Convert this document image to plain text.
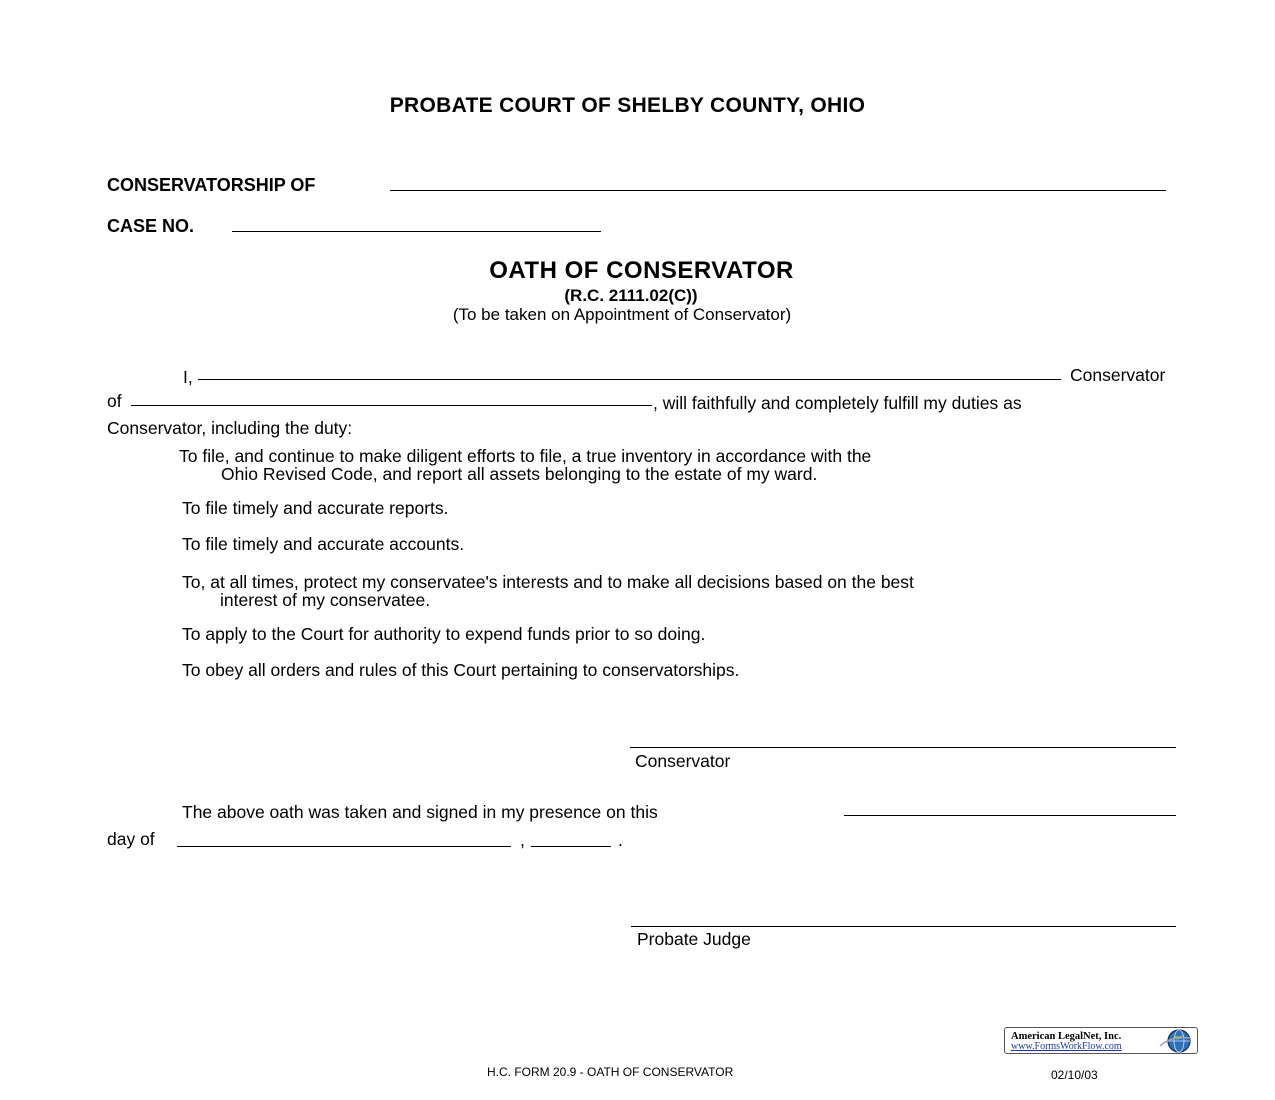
PROBATE COURT OF SHELBY COUNTY, OHIO
CONSERVATORSHIP OF
CASE NO.
OATH OF CONSERVATOR
(R.C. 2111.02(C))
(To be taken on Appointment of Conservator)
I,	Conservator
of	, will faithfully and completely fulfill my duties as
Conservator, including the duty:
To file, and continue to make diligent efforts to file, a true inventory in accordance with the
Ohio Revised Code, and report all assets belonging to the estate of my ward.
To file timely and accurate reports.
To file timely and accurate accounts.
To, at all times, protect my conservatee's interests and to make all decisions based on the best
interest of my conservatee.
To apply to the Court for authority to expend funds prior to so doing.
To obey all orders and rules of this Court pertaining to conservatorships.
Conservator
The above oath was taken and signed in my presence on this
day of	,	.
Probate Judge
American LegalNet, Inc.
www.FormsWorkFlow.com
H.C. FORM 20.9 - OATH OF CONSERVATOR	02/10/03
